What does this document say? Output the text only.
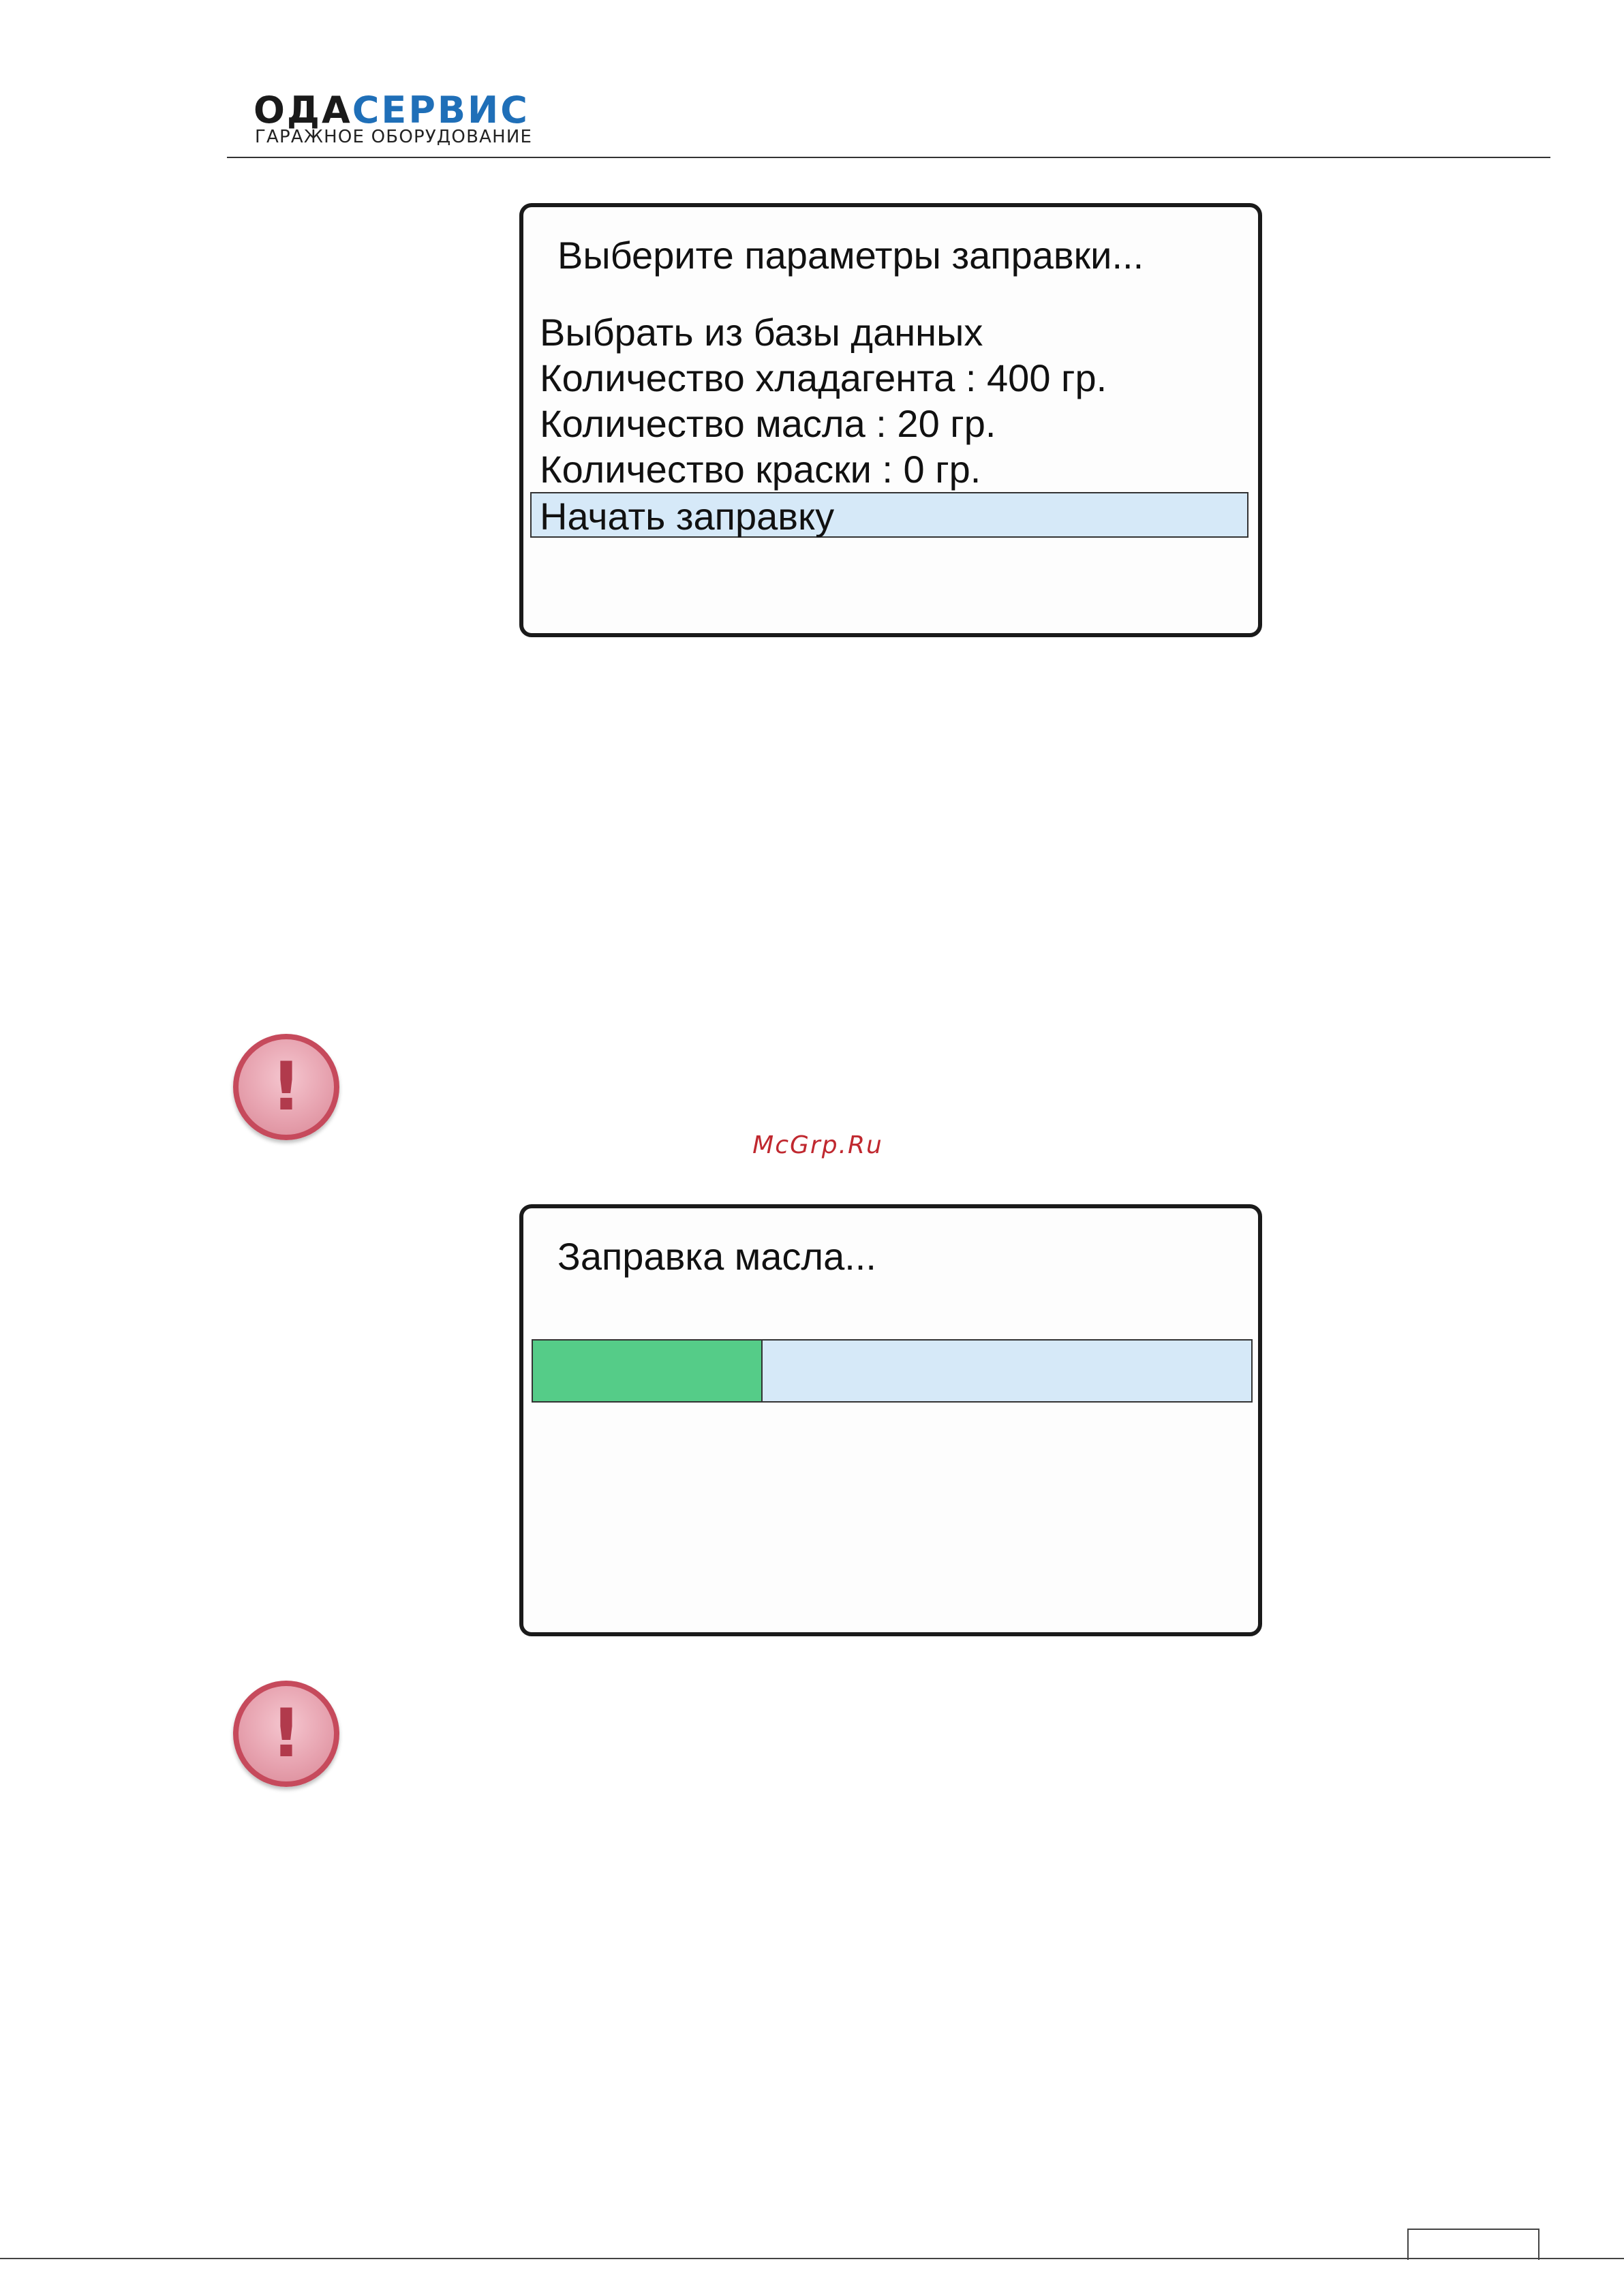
ОДАСЕРВИС
ГАРАЖНОЕ ОБОРУДОВАНИЕ
Выберите параметры заправки...
Выбрать из базы данных
Количество хладагента : 400 гр.
Количество масла : 20 гр.
Количество краски : 0 гр.
Начать заправку
!
McGrp.Ru
Заправка масла...
!
